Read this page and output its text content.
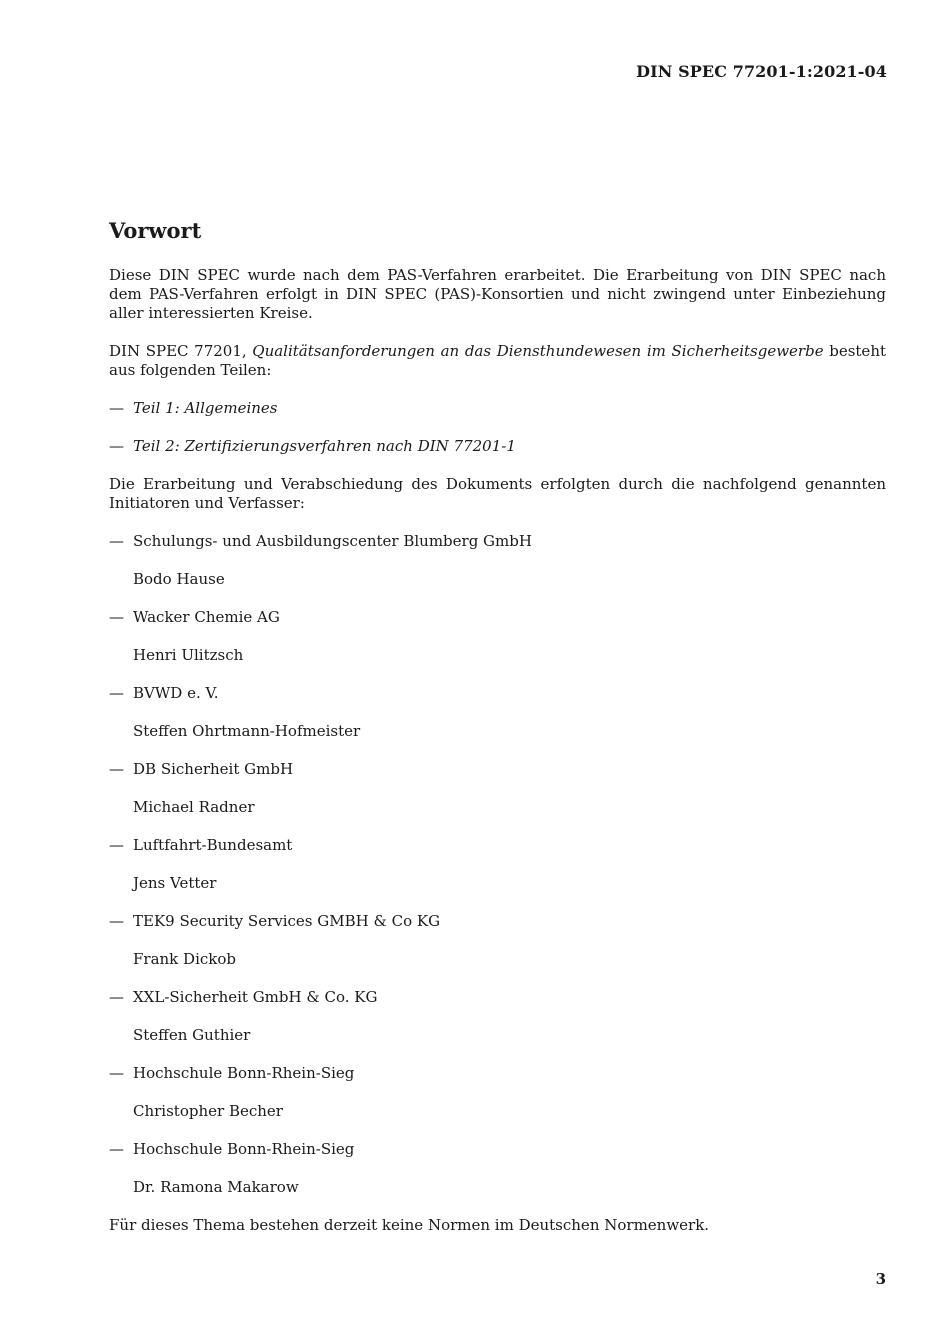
DIN SPEC 77201-1:2021-04
Vorwort

Diese DIN SPEC wurde nach dem PAS-Verfahren erarbeitet. Die Erarbeitung von DIN SPEC nach dem PAS-Verfahren erfolgt in DIN SPEC (PAS)-Konsortien und nicht zwingend unter Einbeziehung aller interessierten Kreise.

DIN SPEC 77201, Qualitätsanforderungen an das Diensthundewesen im Sicherheitsgewerbe besteht aus folgenden Teilen:

— Teil 1: Allgemeines
— Teil 2: Zertifizierungsverfahren nach DIN 77201-1

Die Erarbeitung und Verabschiedung des Dokuments erfolgten durch die nachfolgend genannten Initiatoren und Verfasser:

— Schulungs- und Ausbildungscenter Blumberg GmbH
Bodo Hause
— Wacker Chemie AG
Henri Ulitzsch
— BVWD e. V.
Steffen Ohrtmann-Hofmeister
— DB Sicherheit GmbH
Michael Radner
— Luftfahrt-Bundesamt
Jens Vetter
— TEK9 Security Services GMBH & Co KG
Frank Dickob
— XXL-Sicherheit GmbH & Co. KG
Steffen Guthier
— Hochschule Bonn-Rhein-Sieg
Christopher Becher
— Hochschule Bonn-Rhein-Sieg
Dr. Ramona Makarow

Für dieses Thema bestehen derzeit keine Normen im Deutschen Normenwerk.

3
